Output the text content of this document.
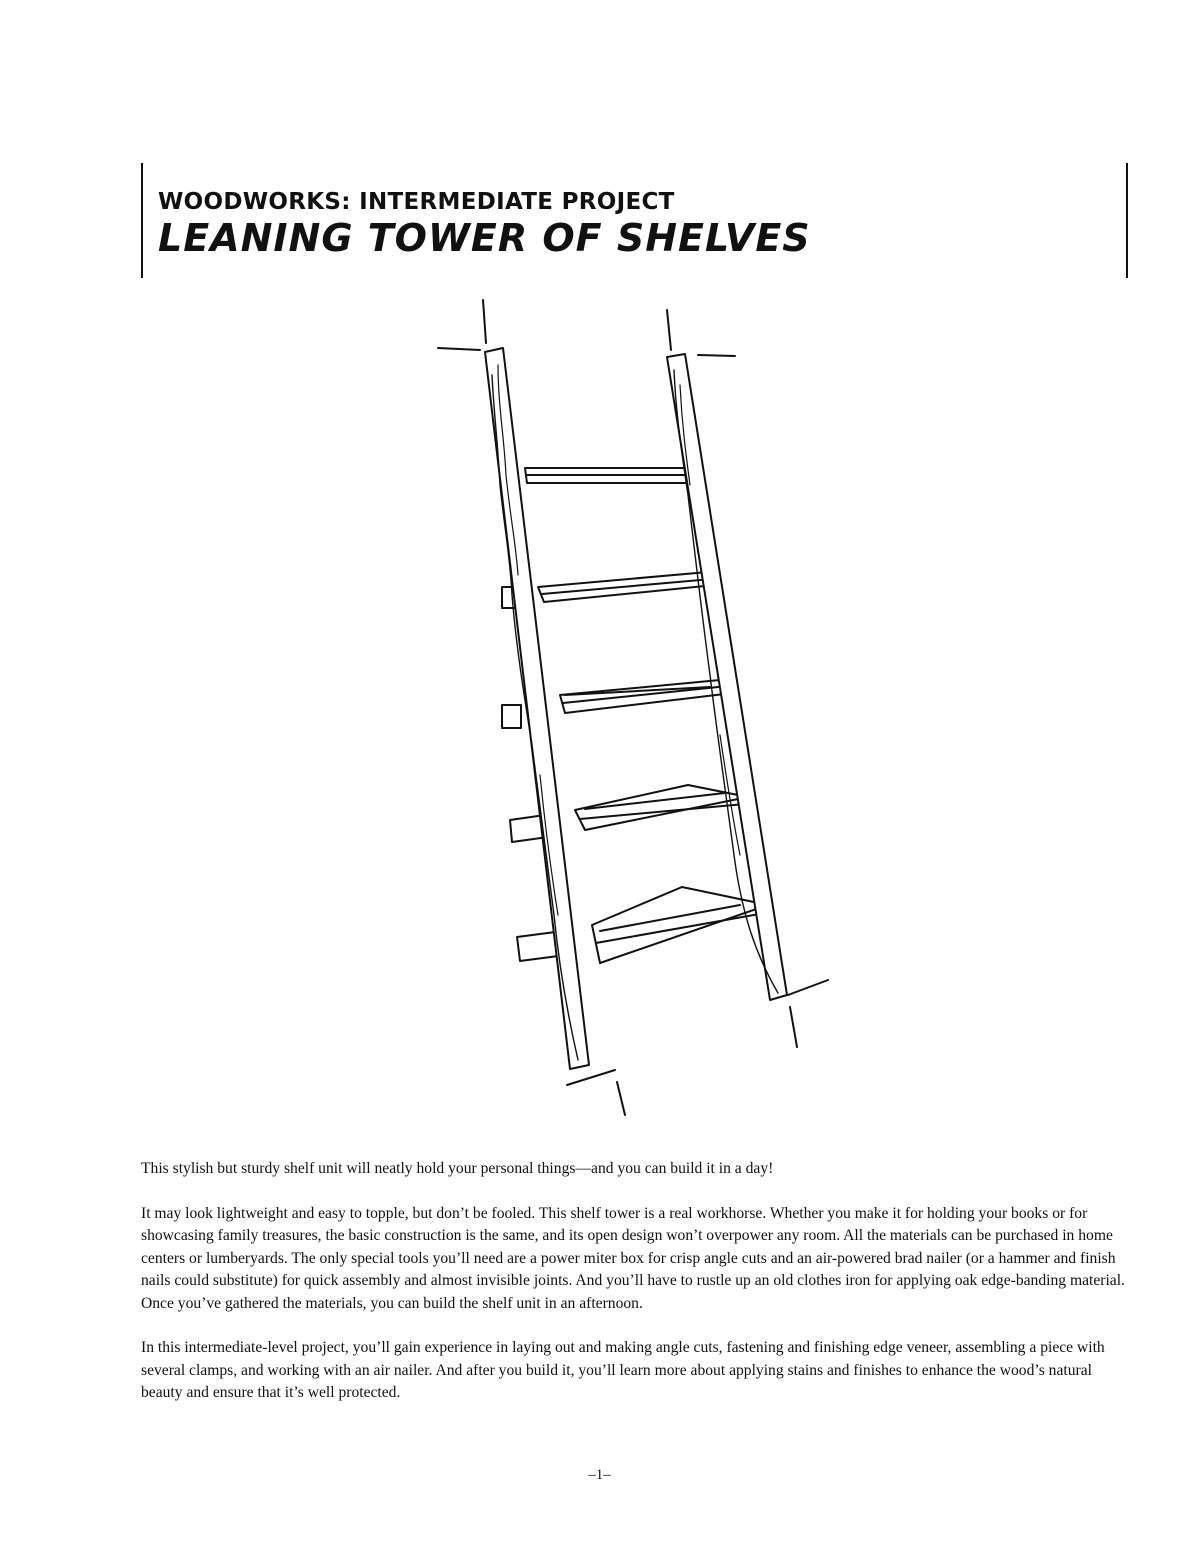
WOODWORKS: INTERMEDIATE PROJECT

LEANING TOWER OF SHELVES

This stylish but sturdy shelf unit will neatly hold your personal things—and you can build it in a day!

It may look lightweight and easy to topple, but don’t be fooled. This shelf tower is a real workhorse. Whether you make it for holding your books or for showcasing family treasures, the basic construction is the same, and its open design won’t overpower any room. All the materials can be purchased in home centers or lumberyards. The only special tools you’ll need are a power miter box for crisp angle cuts and an air-powered brad nailer (or a hammer and finish nails could substitute) for quick assembly and almost invisible joints. And you’ll have to rustle up an old clothes iron for applying oak edge-banding material. Once you’ve gathered the materials, you can build the shelf unit in an afternoon.

In this intermediate-level project, you’ll gain experience in laying out and making angle cuts, fastening and finishing edge veneer, assembling a piece with several clamps, and working with an air nailer. And after you build it, you’ll learn more about applying stains and finishes to enhance the wood’s natural beauty and ensure that it’s well protected.

–1–
